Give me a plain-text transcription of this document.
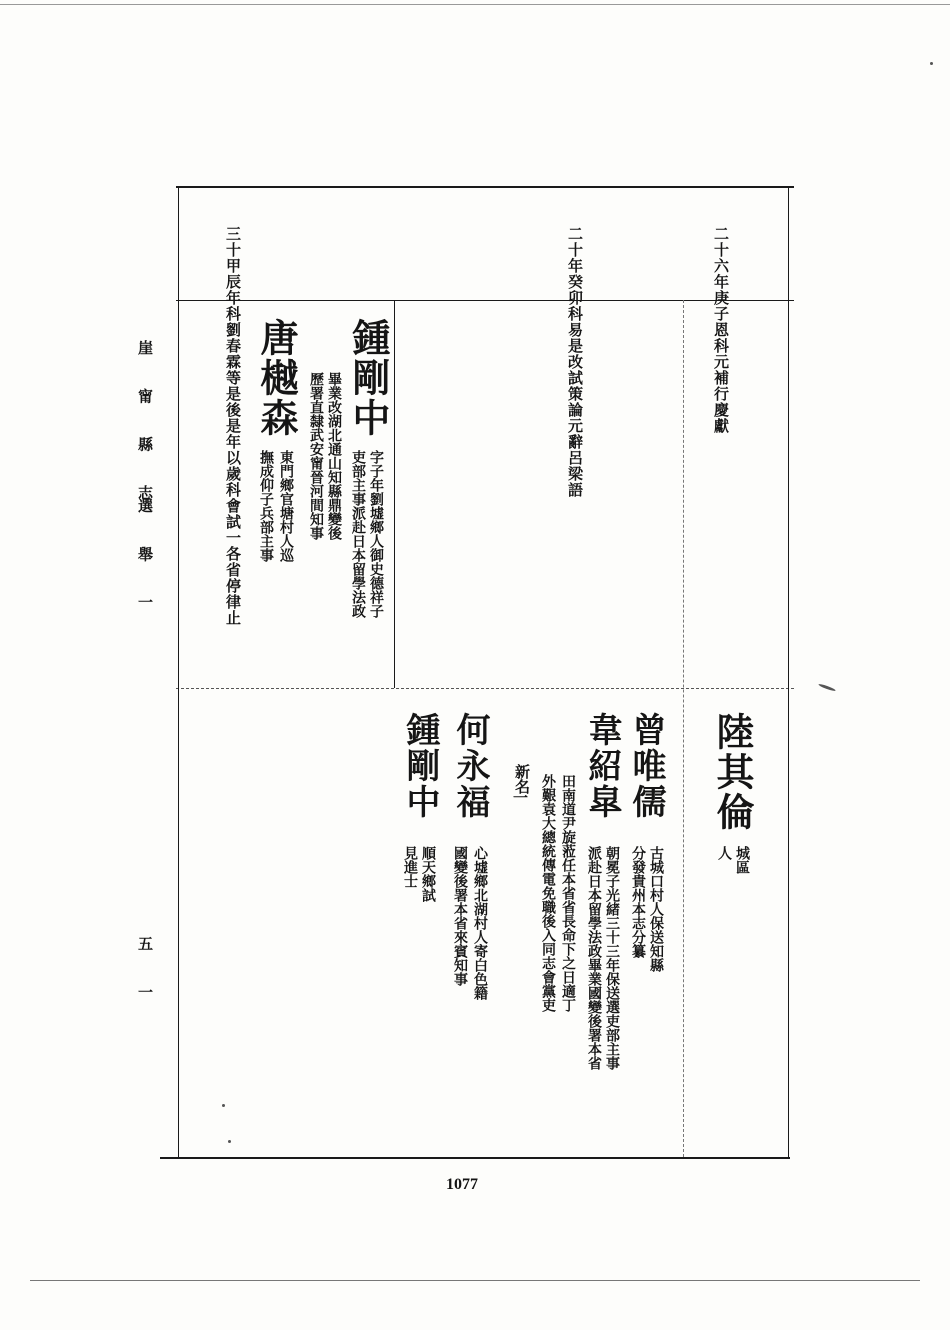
崖 甯 縣 志
選 舉 一
五 一
三十
甲辰年
科劉春
霖等是
後是年
以歲科
會試一
各省停
律止
二十
年癸卯
科易是
改試策
論元
辭呂
梁語
二十六
年庚子
恩科
元
補行
慶獻
鍾剛中
字子年劉墟鄉人御史德祥子
吏部主事派赴日本留學法政
畢業改湖北通山知縣鼎變後
歷署直隸武安甯晉河間知事
唐樾森
東門鄉官塘村人巡
撫成仰子兵部主事
陸其倫
城區
人
曾唯儒
古城口村人保送知縣
分發貴州本志分纂
韋紹皐
朝冕子光緒三十三年保送選吏部主事
派赴日本留學法政畢業國變後署本省
田南道尹旋蒞任本省省長命下之日適丁
外艱袁大總統傳電免職後入同志會黨吏
新名
一
何永福
心墟鄉北湖村人寄白色籍
國變後署本省來賓知事
鍾剛中
順天鄉試
見進士
1077
